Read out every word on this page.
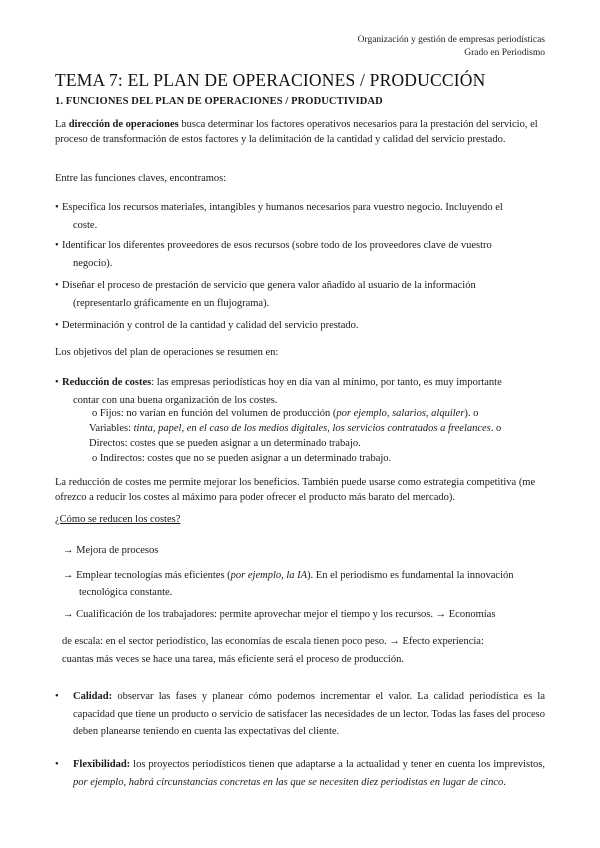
Organización y gestión de empresas periodísticas
Grado en Periodismo
TEMA 7: EL PLAN DE OPERACIONES / PRODUCCIÓN
1. FUNCIONES DEL PLAN DE OPERACIONES / PRODUCTIVIDAD
La dirección de operaciones busca determinar los factores operativos necesarios para la prestación del servicio, el proceso de transformación de estos factores y la delimitación de la cantidad y calidad del servicio prestado.
Entre las funciones claves, encontramos:
• Especifica los recursos materiales, intangibles y humanos necesarios para vuestro negocio. Incluyendo el
coste.
• Identificar los diferentes proveedores de esos recursos (sobre todo de los proveedores clave de vuestro
negocio).
• Diseñar el proceso de prestación de servicio que genera valor añadido al usuario de la información
(representarlo gráficamente en un flujograma).
• Determinación y control de la cantidad y calidad del servicio prestado.
Los objetivos del plan de operaciones se resumen en:
• Reducción de costes: las empresas periodísticas hoy en día van al mínimo, por tanto, es muy importante
contar con una buena organización de los costes.
o Fijos: no varían en función del volumen de producción (por ejemplo, salarios, alquiler). o
Variables: tinta, papel, en el caso de los medios digitales, los servicios contratados a freelances. o
Directos: costes que se pueden asignar a un determinado trabajo.
o Indirectos: costes que no se pueden asignar a un determinado trabajo.
La reducción de costes me permite mejorar los beneficios. También puede usarse como estrategia competitiva (me ofrezco a reducir los costes al máximo para poder ofrecer el producto más barato del mercado).
¿Cómo se reducen los costes?
→ Mejora de procesos
→ Emplear tecnologías más eficientes (por ejemplo, la IA). En el periodismo es fundamental la innovación
tecnológica constante.
→ Cualificación de los trabajadores: permite aprovechar mejor el tiempo y los recursos. → Economías
de escala: en el sector periodístico, las economías de escala tienen poco peso. → Efecto experiencia:
cuantas más veces se hace una tarea, más eficiente será el proceso de producción.
•	Calidad: observar las fases y planear cómo podemos incrementar el valor. La calidad periodística es la capacidad que tiene un producto o servicio de satisfacer las necesidades de un lector. Todas las fases del proceso deben planearse teniendo en cuenta las expectativas del cliente.
•	Flexibilidad: los proyectos periodísticos tienen que adaptarse a la actualidad y tener en cuenta los imprevistos, por ejemplo, habrá circunstancias concretas en las que se necesiten diez periodistas en lugar de cinco.
